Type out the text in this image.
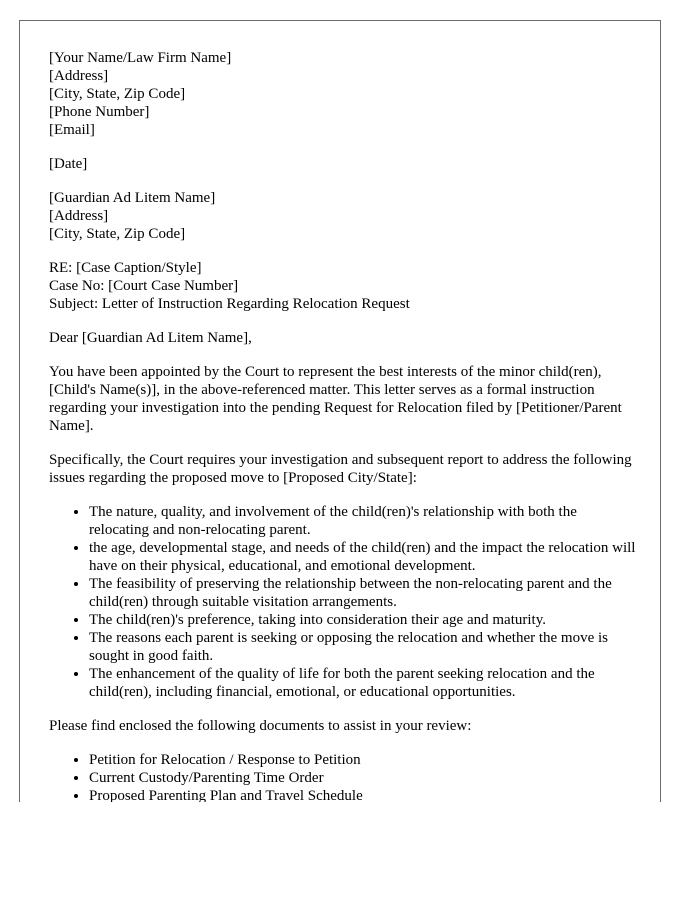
[Your Name/Law Firm Name]
[Address]
[City, State, Zip Code]
[Phone Number]
[Email]
[Date]
[Guardian Ad Litem Name]
[Address]
[City, State, Zip Code]
RE: [Case Caption/Style]
Case No: [Court Case Number]
Subject: Letter of Instruction Regarding Relocation Request

Dear [Guardian Ad Litem Name],

You have been appointed by the Court to represent the best interests of the minor child(ren), [Child's Name(s)], in the above-referenced matter. This letter serves as a formal instruction regarding your investigation into the pending Request for Relocation filed by [Petitioner/Parent Name].

Specifically, the Court requires your investigation and subsequent report to address the following issues regarding the proposed move to [Proposed City/State]:

• The nature, quality, and involvement of the child(ren)'s relationship with both the relocating and non-relocating parent.
• the age, developmental stage, and needs of the child(ren) and the impact the relocation will have on their physical, educational, and emotional development.
• The feasibility of preserving the relationship between the non-relocating parent and the child(ren) through suitable visitation arrangements.
• The child(ren)'s preference, taking into consideration their age and maturity.
• The reasons each parent is seeking or opposing the relocation and whether the move is sought in good faith.
• The enhancement of the quality of life for both the parent seeking relocation and the child(ren), including financial, emotional, or educational opportunities.

Please find enclosed the following documents to assist in your review:

• Petition for Relocation / Response to Petition
• Current Custody/Parenting Time Order
• Proposed Parenting Plan and Travel Schedule
